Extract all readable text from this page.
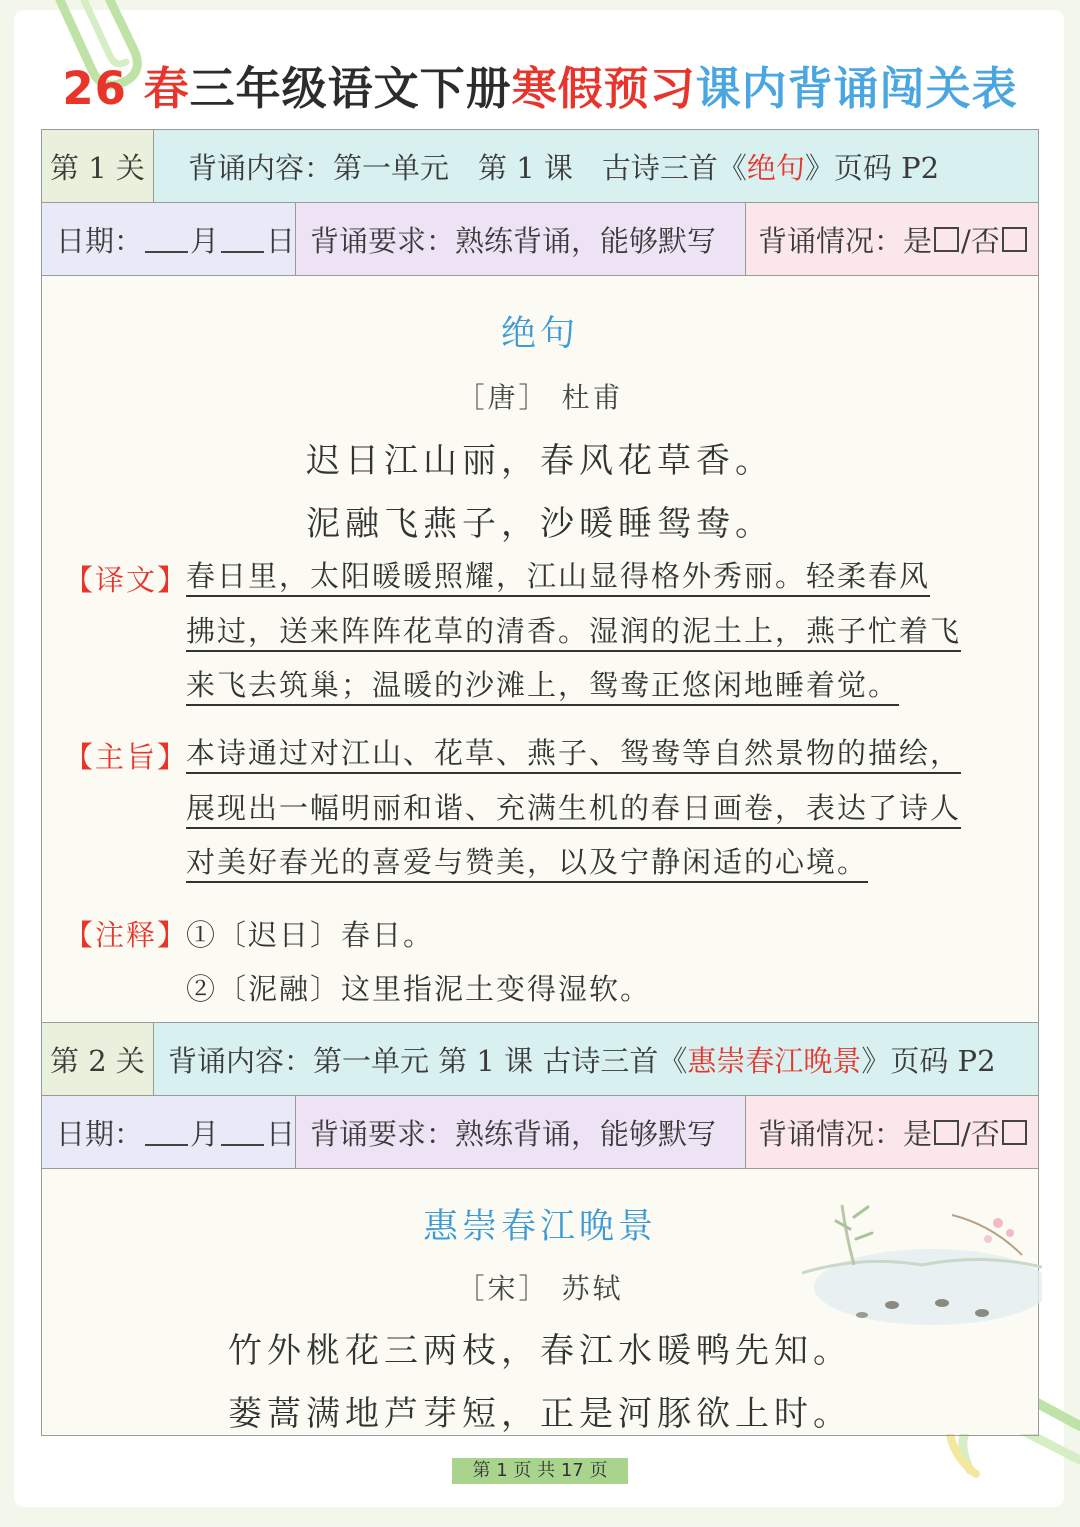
26 春三年级语文下册寒假预习课内背诵闯关表
第 1 关	背诵内容：第一单元　第 1 课　古诗三首《 绝句 》页码 P2
日期： 月 日 背诵要求：熟练背诵，能够默写	背诵情况：是 /否
绝句
［唐］ 杜甫
迟日江山丽，春风花草香。
泥融飞燕子，沙暖睡鸳鸯。
【译文】
春日里，太阳暖暖照耀，江山显得格外秀丽。轻柔春风
拂过，送来阵阵花草的清香。湿润的泥土上，燕子忙着飞
来飞去筑巢；温暖的沙滩上，鸳鸯正悠闲地睡着觉。
【主旨】
本诗通过对江山、花草、燕子、鸳鸯等自然景物的描绘，
展现出一幅明丽和谐、充满生机的春日画卷，表达了诗人
对美好春光的喜爱与赞美，以及宁静闲适的心境。
【注释】
①〔迟日〕春日。
②〔泥融〕这里指泥土变得湿软。
第 2 关 背诵内容：第一单元 第 1 课 古诗三首《 惠崇春江晚景 》页码 P2
日期： 月 日 背诵要求：熟练背诵，能够默写	背诵情况：是 /否
惠崇春江晚景
［宋］ 苏轼
竹外桃花三两枝，春江水暖鸭先知。
蒌蒿满地芦芽短，正是河豚欲上时。
第 1 页 共 17 页
